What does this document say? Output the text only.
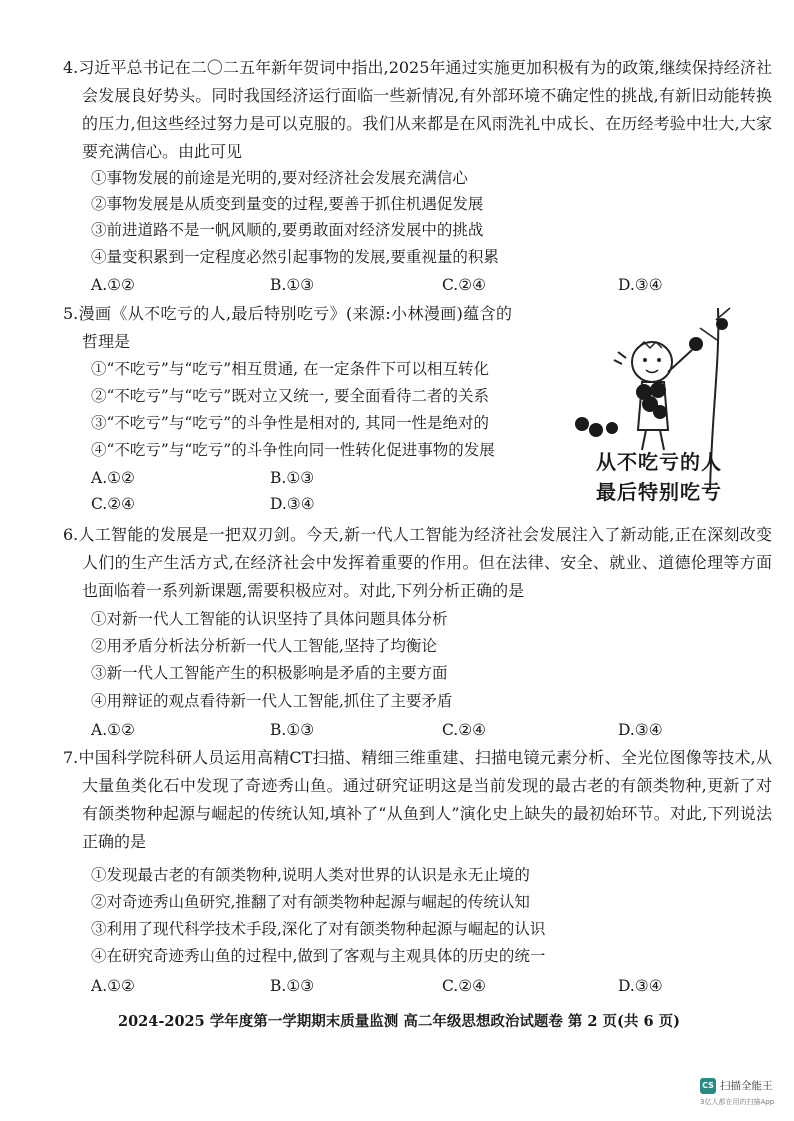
4.习近平总书记在二〇二五年新年贺词中指出,2025年通过实施更加积极有为的政策,继续保持经济社会发展良好势头。同时我国经济运行面临一些新情况,有外部环境不确定性的挑战,有新旧动能转换的压力,但这些经过努力是可以克服的。我们从来都是在风雨洗礼中成长、在历经考验中壮大,大家要充满信心。由此可见
①事物发展的前途是光明的,要对经济社会发展充满信心
②事物发展是从质变到量变的过程,要善于抓住机遇促发展
③前进道路不是一帆风顺的,要勇敢面对经济发展中的挑战
④量变积累到一定程度必然引起事物的发展,要重视量的积累
A.①②	B.①③	C.②④	D.③④
5.漫画《从不吃亏的人,最后特别吃亏》(来源:小林漫画)蕴含的哲理是
①“不吃亏”与“吃亏”相互贯通, 在一定条件下可以相互转化
②“不吃亏”与“吃亏”既对立又统一, 要全面看待二者的关系
③“不吃亏”与“吃亏”的斗争性是相对的, 其同一性是绝对的
④“不吃亏”与“吃亏”的斗争性向同一性转化促进事物的发展
A.①②	B.①③
C.②④	D.③④
从不吃亏的人
最后特别吃亏
6.人工智能的发展是一把双刃剑。今天,新一代人工智能为经济社会发展注入了新动能,正在深刻改变人们的生产生活方式,在经济社会中发挥着重要的作用。但在法律、安全、就业、道德伦理等方面也面临着一系列新课题,需要积极应对。对此,下列分析正确的是
①对新一代人工智能的认识坚持了具体问题具体分析
②用矛盾分析法分析新一代人工智能,坚持了均衡论
③新一代人工智能产生的积极影响是矛盾的主要方面
④用辩证的观点看待新一代人工智能,抓住了主要矛盾
A.①②	B.①③	C.②④	D.③④
7.中国科学院科研人员运用高精CT扫描、精细三维重建、扫描电镜元素分析、全光位图像等技术,从大量鱼类化石中发现了奇迹秀山鱼。通过研究证明这是当前发现的最古老的有颌类物种,更新了对有颌类物种起源与崛起的传统认知,填补了“从鱼到人”演化史上缺失的最初始环节。对此,下列说法正确的是
①发现最古老的有颌类物种,说明人类对世界的认识是永无止境的
②对奇迹秀山鱼研究,推翻了对有颌类物种起源与崛起的传统认知
③利用了现代科学技术手段,深化了对有颌类物种起源与崛起的认识
④在研究奇迹秀山鱼的过程中,做到了客观与主观具体的历史的统一
A.①②	B.①③	C.②④	D.③④
2024-2025 学年度第一学期期末质量监测 高二年级思想政治试题卷 第 2 页(共 6 页)
CS 扫描全能王
3亿人都在用的扫描App
